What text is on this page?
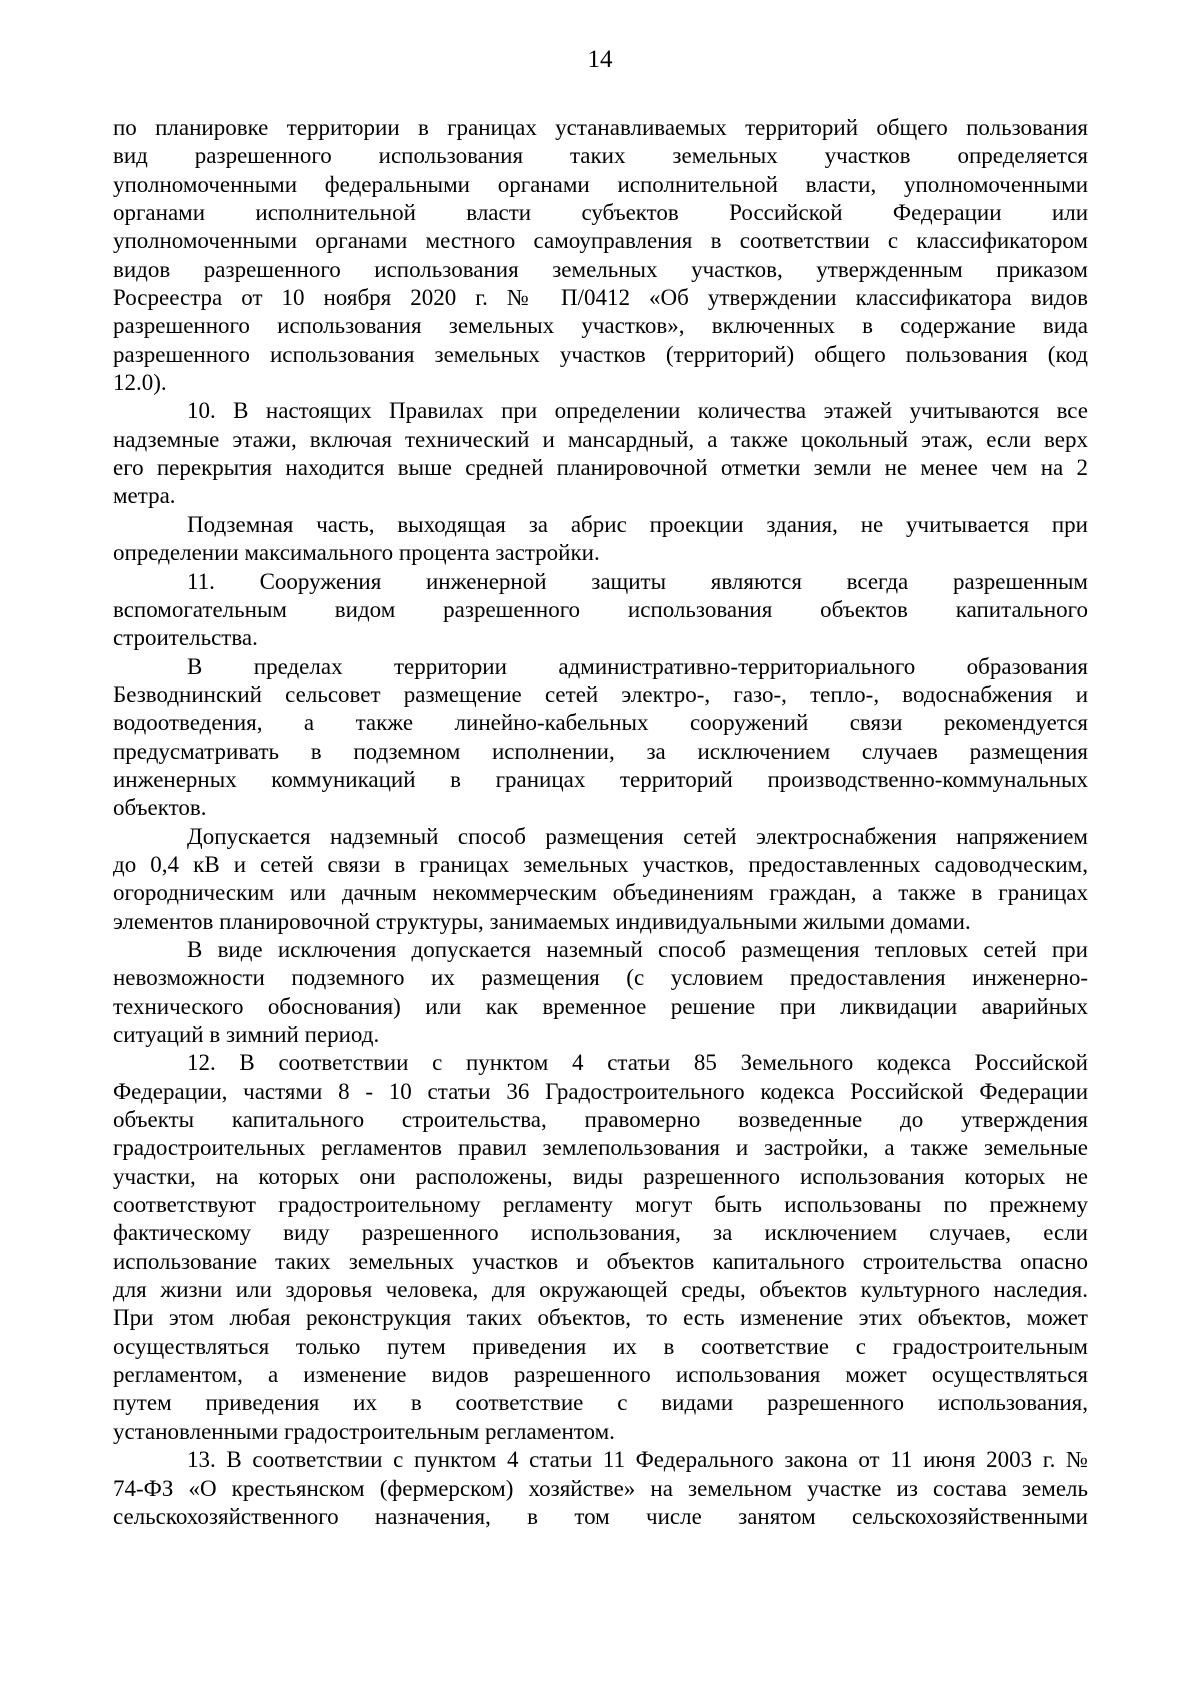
14
по планировке территории в границах устанавливаемых территорий общего пользования
вид разрешенного использования таких земельных участков определяется
уполномоченными федеральными органами исполнительной власти, уполномоченными
органами исполнительной власти субъектов Российской Федерации или
уполномоченными органами местного самоуправления в соответствии с классификатором
видов разрешенного использования земельных участков, утвержденным приказом
Росреестра от 10 ноября 2020 г. № П/0412 «Об утверждении классификатора видов
разрешенного использования земельных участков», включенных в содержание вида
разрешенного использования земельных участков (территорий) общего пользования (код
12.0).
10. В настоящих Правилах при определении количества этажей учитываются все
надземные этажи, включая технический и мансардный, а также цокольный этаж, если верх
его перекрытия находится выше средней планировочной отметки земли не менее чем на 2
метра.
Подземная часть, выходящая за абрис проекции здания, не учитывается при
определении максимального процента застройки.
11. Сооружения инженерной защиты являются всегда разрешенным
вспомогательным видом разрешенного использования объектов капитального
строительства.
В пределах территории административно-территориального образования
Безводнинский сельсовет размещение сетей электро-, газо-, тепло-, водоснабжения и
водоотведения, а также линейно-кабельных сооружений связи рекомендуется
предусматривать в подземном исполнении, за исключением случаев размещения
инженерных коммуникаций в границах территорий производственно-коммунальных
объектов.
Допускается надземный способ размещения сетей электроснабжения напряжением
до 0,4 кВ и сетей связи в границах земельных участков, предоставленных садоводческим,
огородническим или дачным некоммерческим объединениям граждан, а также в границах
элементов планировочной структуры, занимаемых индивидуальными жилыми домами.
В виде исключения допускается наземный способ размещения тепловых сетей при
невозможности подземного их размещения (с условием предоставления инженерно-
технического обоснования) или как временное решение при ликвидации аварийных
ситуаций в зимний период.
12. В соответствии с пунктом 4 статьи 85 Земельного кодекса Российской
Федерации, частями 8 - 10 статьи 36 Градостроительного кодекса Российской Федерации
объекты капитального строительства, правомерно возведенные до утверждения
градостроительных регламентов правил землепользования и застройки, а также земельные
участки, на которых они расположены, виды разрешенного использования которых не
соответствуют градостроительному регламенту могут быть использованы по прежнему
фактическому виду разрешенного использования, за исключением случаев, если
использование таких земельных участков и объектов капитального строительства опасно
для жизни или здоровья человека, для окружающей среды, объектов культурного наследия.
При этом любая реконструкция таких объектов, то есть изменение этих объектов, может
осуществляться только путем приведения их в соответствие с градостроительным
регламентом, а изменение видов разрешенного использования может осуществляться
путем приведения их в соответствие с видами разрешенного использования,
установленными градостроительным регламентом.
13. В соответствии с пунктом 4 статьи 11 Федерального закона от 11 июня 2003 г. №
74-ФЗ «О крестьянском (фермерском) хозяйстве» на земельном участке из состава земель
сельскохозяйственного назначения, в том числе занятом сельскохозяйственными
